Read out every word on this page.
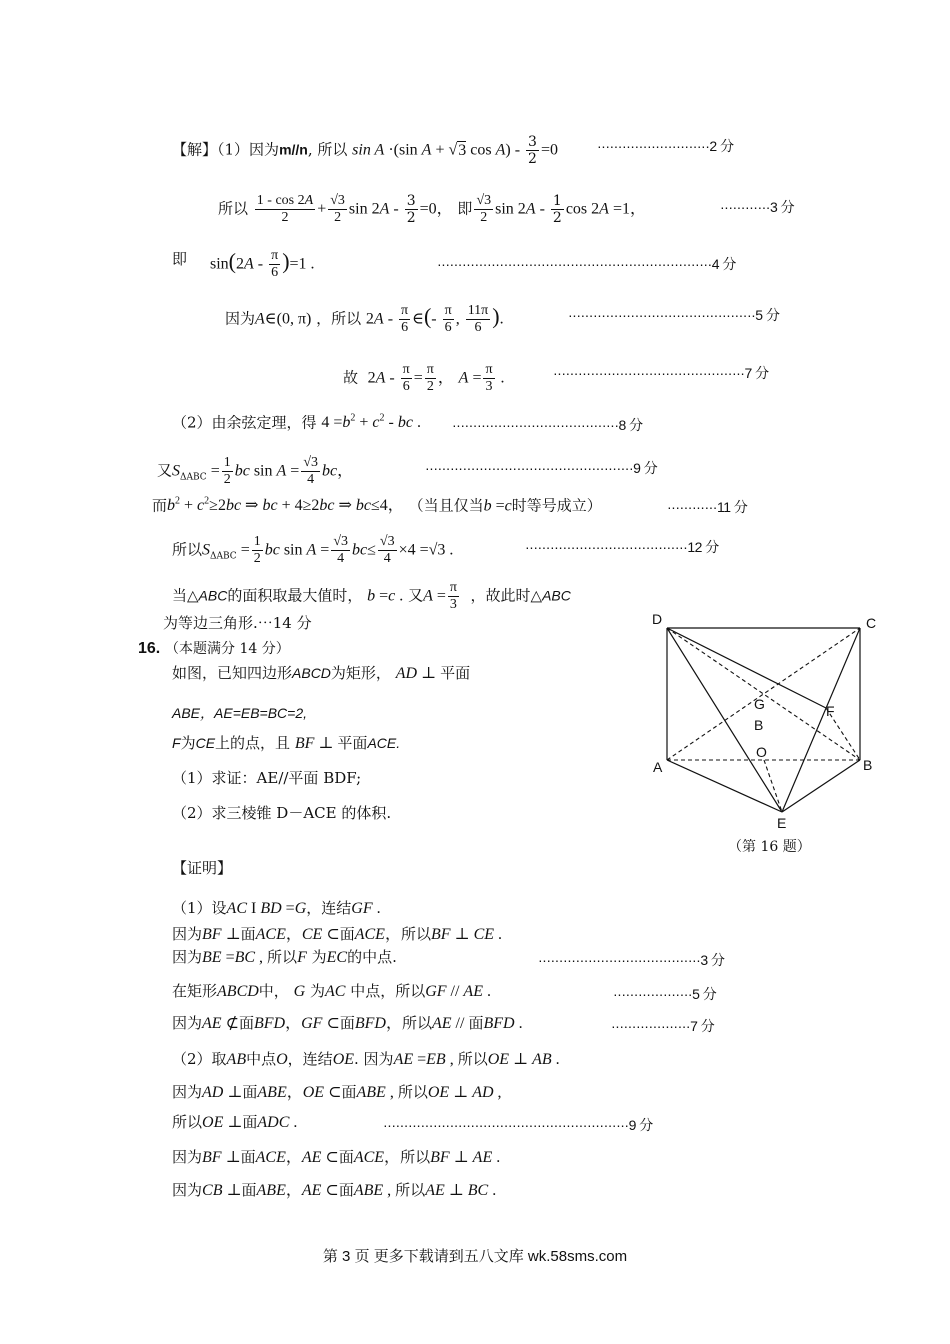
【解】（1）因为m//n, 所以 sin A ·(sin A + √3 $\cos A) - \frac{3}{2} =0$	···························2 分
所以 $\frac{1 - \cos 2A}{2} + \frac{√3}{2}$ $\sin 2A - \frac{3}{2} =0$， 即 $\frac{√3}{2}$ $\sin 2A - \frac{1}{2}$ cos 2A =1，	············3 分
即 $\sin(2A - \frac{\pi}{6} )=1$ .	··································································4 分
因为A∈(0, π) ，所以 $2A - \frac{\pi}{6}$ ∈(- $\frac{\pi}{6}$ , $\frac{11\pi}{6}$ ).	·············································5 分
故 $2A - \frac{\pi}{6} = \frac{\pi}{2}$ ， $A = \frac{\pi}{3}$ .	··············································7 分
（2）由余弦定理，得 $4 =b^2 + c^2$ - bc . ········································8 分
又$S_{\Delta ABC} = \frac{1}{2}$ bc $\sin A = \frac{√3}{4}$ bc，	··················································9 分
而$b^2 + c^2\ge 2bc$ ⇒ bc + 4≥2bc ⇒ bc≤4， （当且仅当b =c时等号成立）	············11 分
所以$S_{\Delta ABC} = \frac{1}{2}$ bc $\sin A = \frac{√3}{4} bc\le \frac{√3}{4} \times 4 =√3$ .	·······································12 分
当△ABC的面积取最大值时， b =c . 又$A = \frac{\pi}{3}$ ，故此时△ABC
为等边三角形.⋯14 分
16. （本题满分 14 分）
如图，已知四边形ABCD为矩形， AD ⊥ 平面
ABE，AE=EB=BC=2,
F为CE上的点，且 BF ⊥ 平面ACE.
（1）求证：AE//平面 BDF;
（2）求三棱锥 D－ACE 的体积.
D	C
A	B
E
F
G
B
O
（第 16 题）
【证明】
（1）设AC I BD =G，连结GF .
因为BF ⊥面ACE，CE ⊂面ACE，所以BF ⊥ CE .
因为BE =BC , 所以F 为EC的中点.	·······································3 分
在矩形ABCD中， G 为AC 中点，所以GF // AE .	···················5 分
因为AE ⊄面BFD，GF ⊂面BFD，所以AE // 面BFD .	···················7 分
（2）取AB中点O，连结OE. 因为AE =EB , 所以OE ⊥ AB .
因为AD ⊥面ABE，OE ⊂面ABE , 所以OE ⊥ AD ,
所以OE ⊥面ADC .	···························································9 分
因为BF ⊥面ACE，AE ⊂面ACE，所以BF ⊥ AE .
因为CB ⊥面ABE，AE ⊂面ABE , 所以AE ⊥ BC .
第 3 页 更多下载请到五八文库 wk.58sms.com
